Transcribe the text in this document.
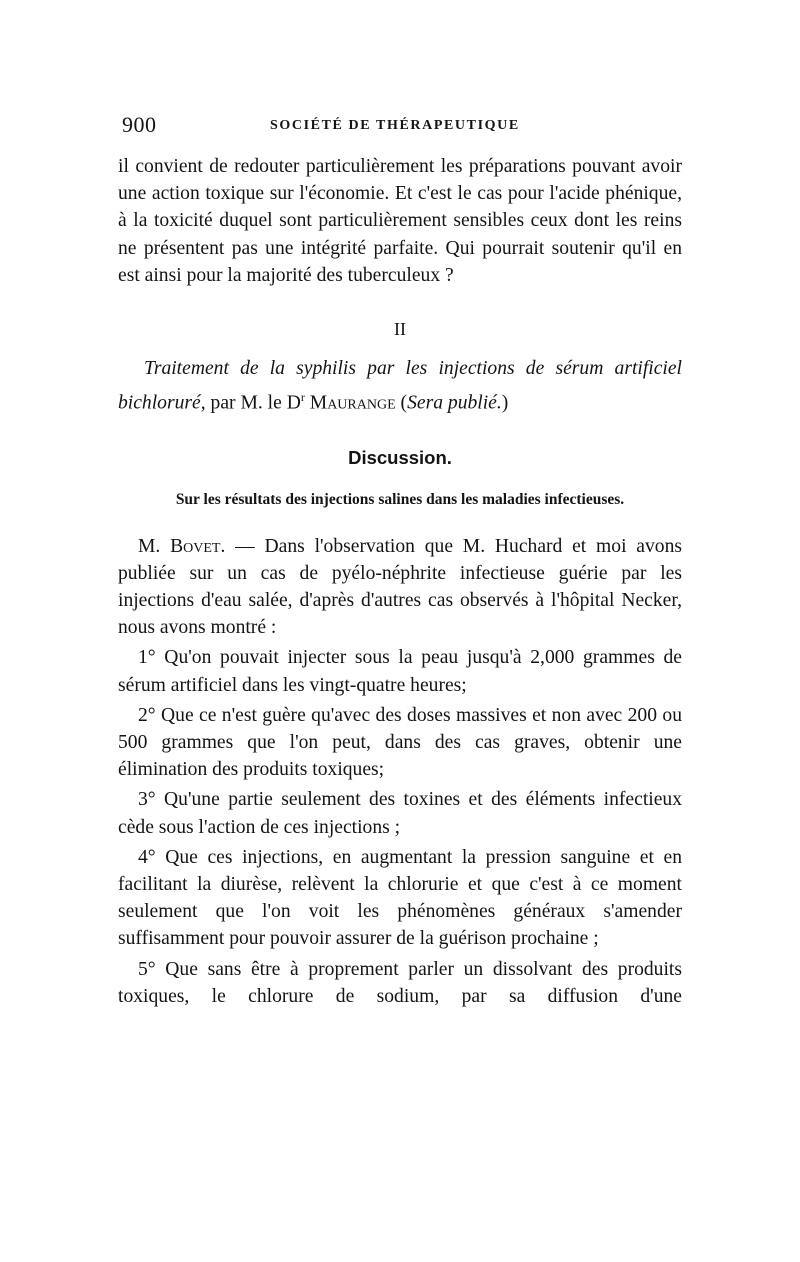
900	SOCIÉTÉ DE THÉRAPEUTIQUE

il convient de redouter particulièrement les préparations pouvant avoir une action toxique sur l'économie. Et c'est le cas pour l'acide phénique, à la toxicité duquel sont particulièrement sensibles ceux dont les reins ne présentent pas une intégrité parfaite. Qui pourrait soutenir qu'il en est ainsi pour la majorité des tuberculeux ?

II

Traitement de la syphilis par les injections de sérum artificiel bichloruré, par M. le $D^r$ Maurange (Sera publié.)

Discussion.
Sur les résultats des injections salines dans les maladies infectieuses.

M. Bovet. — Dans l'observation que M. Huchard et moi avons publiée sur un cas de pyélo-néphrite infectieuse guérie par les injections d'eau salée, d'après d'autres cas observés à l'hôpital Necker, nous avons montré :

1° Qu'on pouvait injecter sous la peau jusqu'à 2,000 grammes de sérum artificiel dans les vingt-quatre heures;

2° Que ce n'est guère qu'avec des doses massives et non avec 200 ou 500 grammes que l'on peut, dans des cas graves, obtenir une élimination des produits toxiques;

3° Qu'une partie seulement des toxines et des éléments infectieux cède sous l'action de ces injections ;

4° Que ces injections, en augmentant la pression sanguine et en facilitant la diurèse, relèvent la chlorurie et que c'est à ce moment seulement que l'on voit les phénomènes généraux s'amender suffisamment pour pouvoir assurer de la guérison prochaine ;

5° Que sans être à proprement parler un dissolvant des produits toxiques, le chlorure de sodium, par sa diffusion d'une
